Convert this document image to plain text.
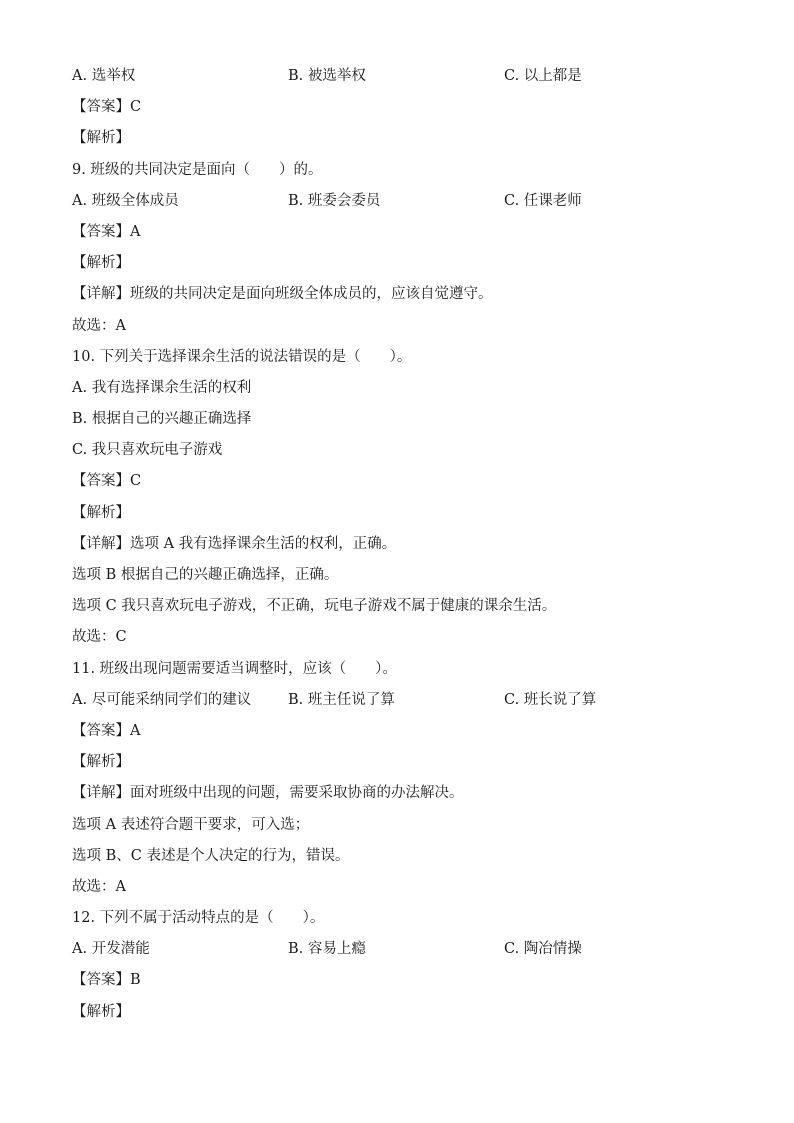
A. 选举权	B. 被选举权	C. 以上都是
【答案】C
【解析】
9. 班级的共同决定是面向（　　）的。
A. 班级全体成员	B. 班委会委员	C. 任课老师
【答案】A
【解析】
【详解】班级的共同决定是面向班级全体成员的，应该自觉遵守。
故选：A
10. 下列关于选择课余生活的说法错误的是（　　）。
A. 我有选择课余生活的权利
B. 根据自己的兴趣正确选择
C. 我只喜欢玩电子游戏
【答案】C
【解析】
【详解】选项 A 我有选择课余生活的权利，正确。
选项 B 根据自己的兴趣正确选择，正确。
选项 C 我只喜欢玩电子游戏，不正确，玩电子游戏不属于健康的课余生活。
故选：C
11. 班级出现问题需要适当调整时，应该（　　）。
A. 尽可能采纳同学们的建议	B. 班主任说了算	C. 班长说了算
【答案】A
【解析】
【详解】面对班级中出现的问题，需要采取协商的办法解决。
选项 A 表述符合题干要求，可入选；
选项 B、C 表述是个人决定的行为，错误。
故选：A
12. 下列不属于活动特点的是（　　）。
A. 开发潜能	B. 容易上瘾	C. 陶冶情操
【答案】B
【解析】
